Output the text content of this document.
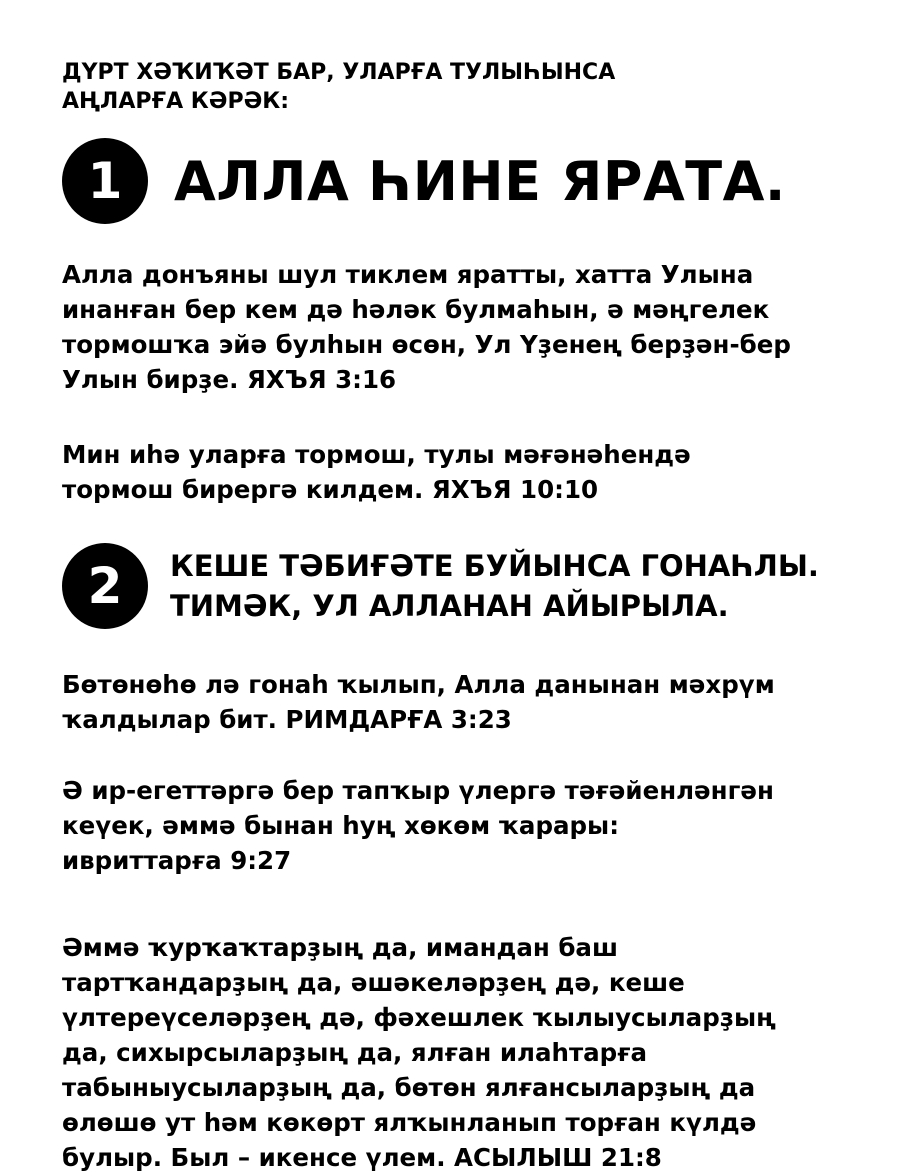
ДҮРТ ХӘҠИҠӘТ БАР, УЛАРҒА ТУЛЫҺЫНСА
АҢЛАРҒА КӘРӘК:

1 АЛЛА ҺИНЕ ЯРАТА.

Алла донъяны шул тиклем яратты, хатта Улына
инанған бер кем дә һәләк булмаһын, ә мәңгелек
тормошҡа эйә булһын өсөн, Ул Үҙенең берҙән-бер
Улын бирҙе. ЯХЪЯ 3:16

Мин иһә уларға тормош, тулы мәғәнәһендә
тормош бирергә килдем. ЯХЪЯ 10:10

2	КЕШЕ ТӘБИҒӘТЕ БУЙЫНСА ГОНАҺЛЫ.
ТИМӘК, УЛ АЛЛАНАН АЙЫРЫЛА.

Бөтөнөһө лә гонаһ ҡылып, Алла данынан мәхрүм
ҡалдылар бит. РИМДАРҒА 3:23

Ә ир-егеттәргә бер тапҡыр үлергә тәғәйенләнгән
кеүек, әммә бынан һуң хөкөм ҡарары:
ивриттарға 9:27

Әммә ҡурҡаҡтарҙың да, имандан баш
тартҡандарҙың да, әшәкеләрҙең дә, кеше
үлтереүселәрҙең дә, фәхешлек ҡылыусыларҙың
да, сихырсыларҙың да, ялған илаһтарға
табыныусыларҙың да, бөтөн ялғансыларҙың да
өлөшө ут һәм көкөрт ялҡынланып торған күлдә
булыр. Был – икенсе үлем. АСЫЛЫШ 21:8
